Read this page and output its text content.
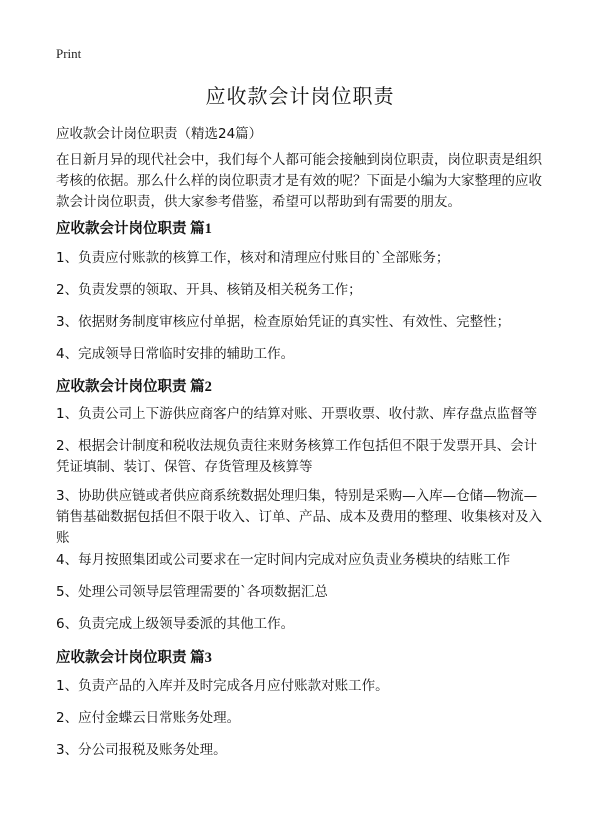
Print
应收款会计岗位职责

应收款会计岗位职责（精选24篇）

在日新月异的现代社会中，我们每个人都可能会接触到岗位职责，岗位职责是组织考核的依据。那么什么样的岗位职责才是有效的呢？下面是小编为大家整理的应收款会计岗位职责，供大家参考借鉴，希望可以帮助到有需要的朋友。

应收款会计岗位职责 篇1

1、负责应付账款的核算工作，核对和清理应付账目的`全部账务；

2、负责发票的领取、开具、核销及相关税务工作；

3、依据财务制度审核应付单据，检查原始凭证的真实性、有效性、完整性；

4、完成领导日常临时安排的辅助工作。

应收款会计岗位职责 篇2

1、负责公司上下游供应商客户的结算对账、开票收票、收付款、库存盘点监督等

2、根据会计制度和税收法规负责往来财务核算工作包括但不限于发票开具、会计凭证填制、装订、保管、存货管理及核算等

3、协助供应链或者供应商系统数据处理归集，特别是采购—入库—仓储—物流—销售基础数据包括但不限于收入、订单、产品、成本及费用的整理、收集核对及入账

4、每月按照集团或公司要求在一定时间内完成对应负责业务模块的结账工作

5、处理公司领导层管理需要的`各项数据汇总

6、负责完成上级领导委派的其他工作。

应收款会计岗位职责 篇3

1、负责产品的入库并及时完成各月应付账款对账工作。

2、应付金蝶云日常账务处理。

3、分公司报税及账务处理。
